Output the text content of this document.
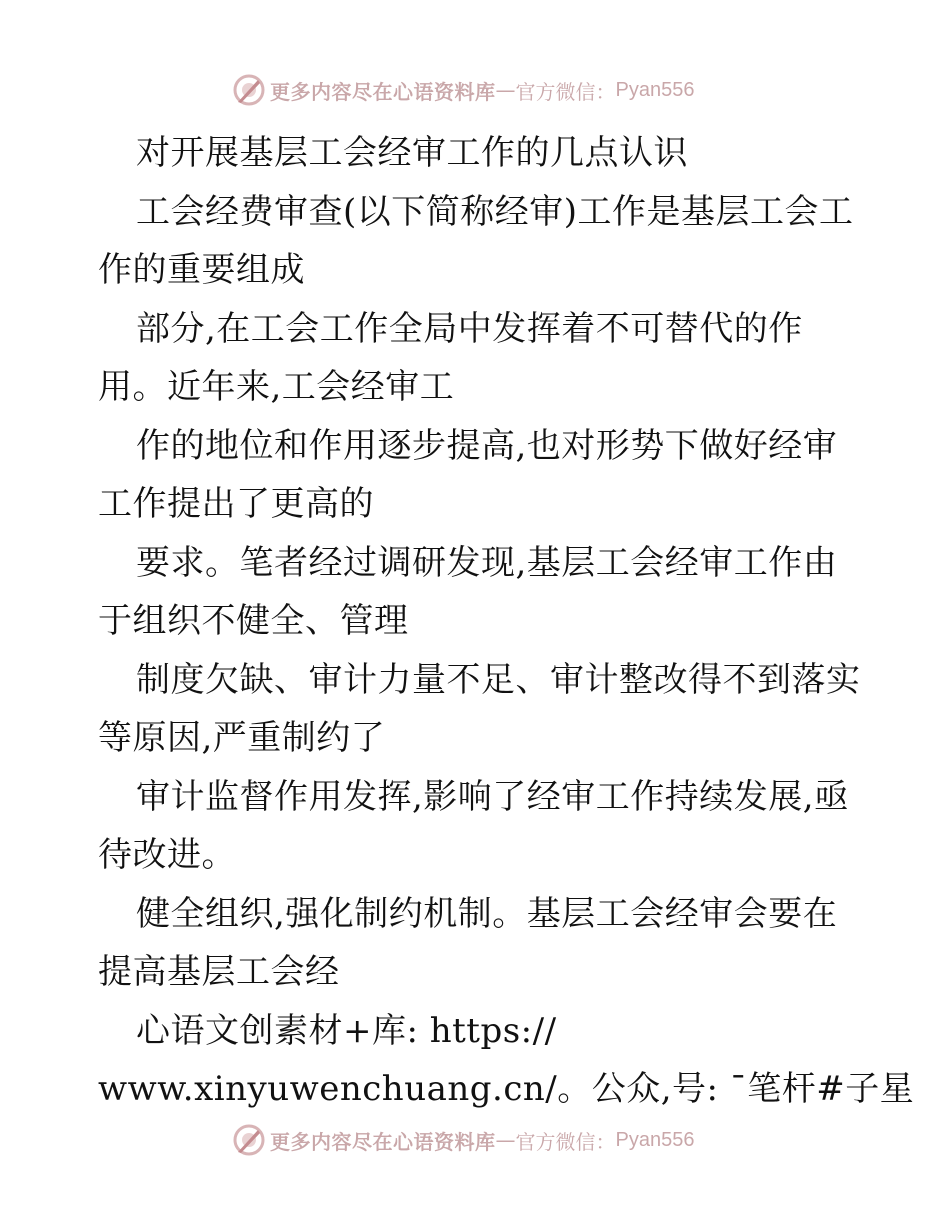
更多内容尽在心语资料库 — 官方微信： Pyan556
对开展基层工会经审工作的几点认识
工会经费审查(以下简称经审)工作是基层工会工
作的重要组成
部分,在工会工作全局中发挥着不可替代的作
用。近年来,工会经审工
作的地位和作用逐步提高,也对形势下做好经审
工作提出了更高的
要求。笔者经过调研发现,基层工会经审工作由
于组织不健全、管理
制度欠缺、审计力量不足、审计整改得不到落实
等原因,严重制约了
审计监督作用发挥,影响了经审工作持续发展,亟
待改进。
健全组织,强化制约机制。基层工会经审会要在
提高基层工会经
心语文创素材+库: https://
www.xinyuwenchuang.cn/。公众,号: ¯笔杆#子星
更多内容尽在心语资料库 — 官方微信： Pyan556
